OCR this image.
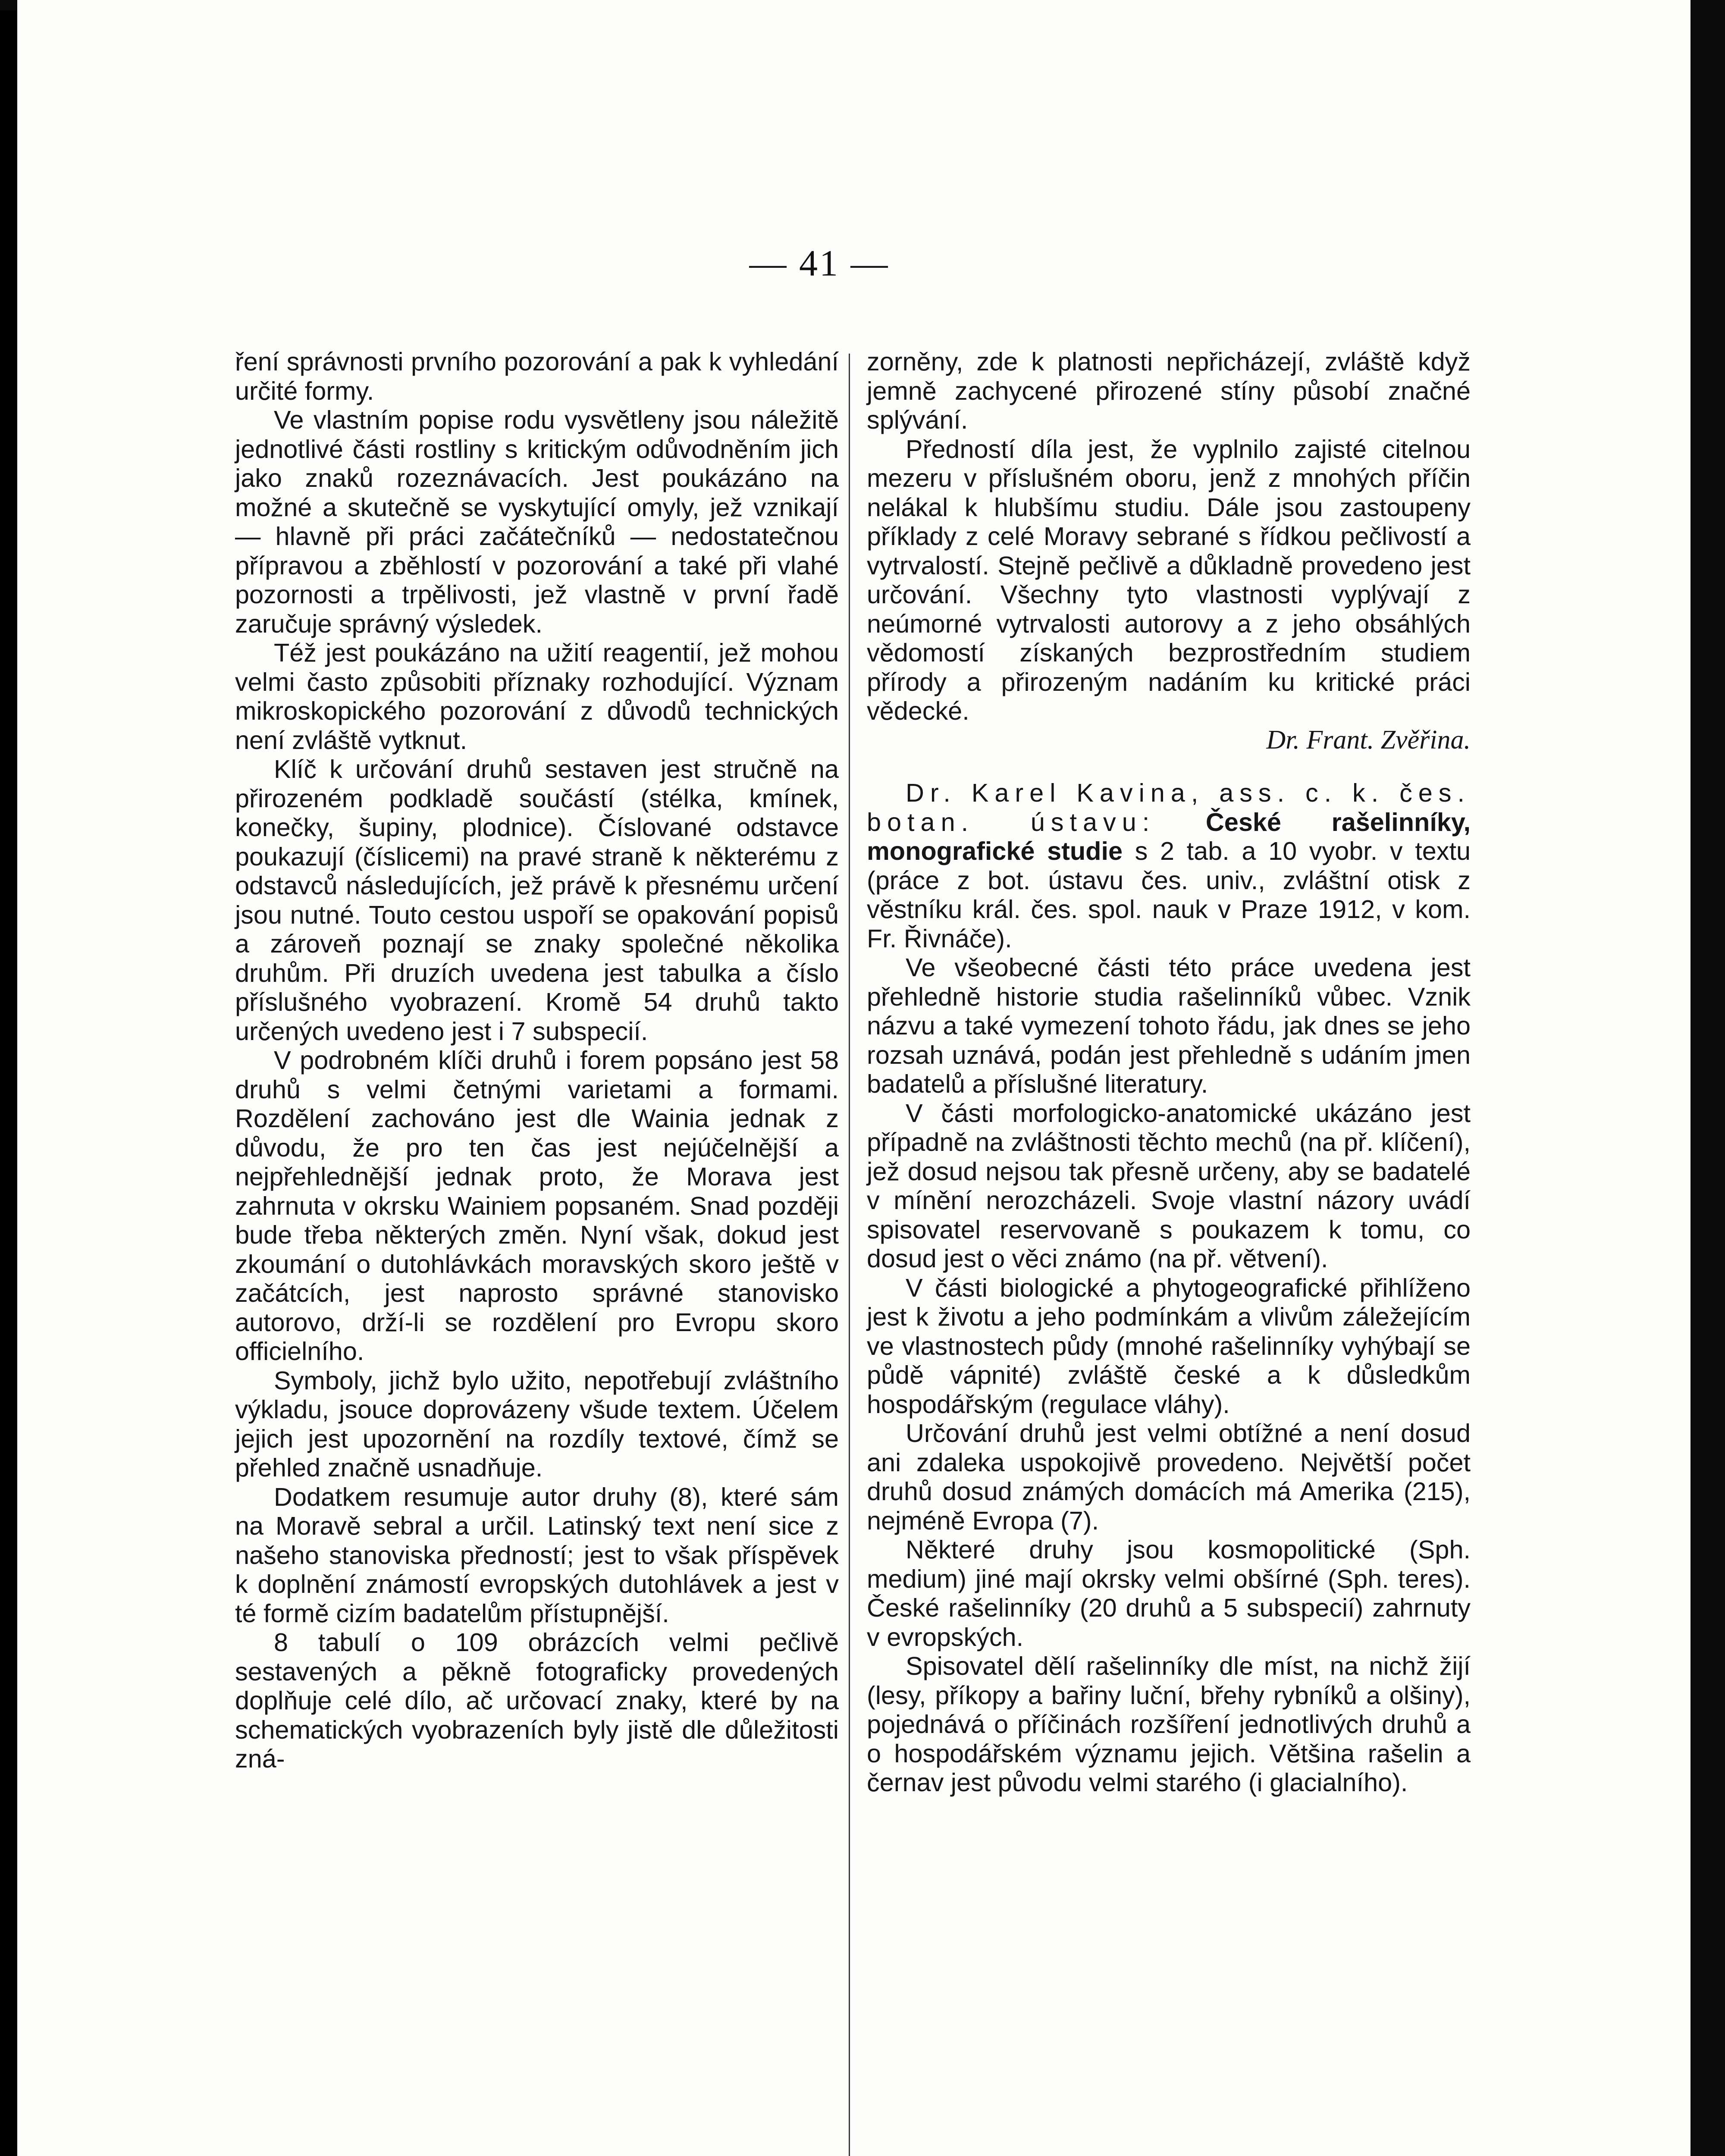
— 41 —

ření správnosti prvního pozorování a pak k vyhledání určité formy.

Ve vlastním popise rodu vysvětleny jsou náležitě jednotlivé části rostliny s kritickým odůvodněním jich jako znaků rozeznávacích. Jest poukázáno na možné a skutečně se vyskytující omyly, jež vznikají — hlavně při práci začátečníků — nedostatečnou přípravou a zběhlostí v pozorování a také při vlahé pozornosti a trpělivosti, jež vlastně v první řadě zaručuje správný výsledek.

Též jest poukázáno na užití reagentií, jež mohou velmi často způsobiti příznaky rozhodující. Význam mikroskopického pozorování z důvodů technických není zvláště vytknut.

Klíč k určování druhů sestaven jest stručně na přirozeném podkladě součástí (stélka, kmínek, konečky, šupiny, plodnice). Číslované odstavce poukazují (číslicemi) na pravé straně k některému z odstavců následujících, jež právě k přesnému určení jsou nutné. Touto cestou uspoří se opakování popisů a zároveň poznají se znaky společné několika druhům. Při druzích uvedena jest tabulka a číslo příslušného vyobrazení. Kromě 54 druhů takto určených uvedeno jest i 7 subspecií.

V podrobném klíči druhů i forem popsáno jest 58 druhů s velmi četnými varietami a formami. Rozdělení zachováno jest dle Wainia jednak z důvodu, že pro ten čas jest nejúčelnější a nejpřehlednější jednak proto, že Morava jest zahrnuta v okrsku Wainiem popsaném. Snad později bude třeba některých změn. Nyní však, dokud jest zkoumání o dutohlávkách moravských skoro ještě v začátcích, jest naprosto správné stanovisko autorovo, drží-li se rozdělení pro Evropu skoro officielního.

Symboly, jichž bylo užito, nepotřebují zvláštního výkladu, jsouce doprovázeny všude textem. Účelem jejich jest upozornění na rozdíly textové, čímž se přehled značně usnadňuje.

Dodatkem resumuje autor druhy (8), které sám na Moravě sebral a určil. Latinský text není sice z našeho stanoviska předností; jest to však příspěvek k doplnění známostí evropských dutohlávek a jest v té formě cizím badatelům přístupnější.

8 tabulí o 109 obrázcích velmi pečlivě sestavených a pěkně fotograficky provedených doplňuje celé dílo, ač určovací znaky, které by na schematických vyobrazeních byly jistě dle důležitosti zná-

zorněny, zde k platnosti nepřicházejí, zvláště když jemně zachycené přirozené stíny působí značné splývání.

Předností díla jest, že vyplnilo zajisté citelnou mezeru v příslušném oboru, jenž z mnohých příčin nelákal k hlubšímu studiu. Dále jsou zastoupeny příklady z celé Moravy sebrané s řídkou pečlivostí a vytrvalostí. Stejně pečlivě a důkladně provedeno jest určování. Všechny tyto vlastnosti vyplývají z neúmorné vytrvalosti autorovy a z jeho obsáhlých vědomostí získaných bezprostředním studiem přírody a přirozeným nadáním ku kritické práci vědecké.

Dr. Frant. Zvěřina.

Dr. Karel Kavina, ass. c. k. čes. botan. ústavu: České rašelinníky, monografické studie s 2 tab. a 10 vyobr. v textu (práce z bot. ústavu čes. univ., zvláštní otisk z věstníku král. čes. spol. nauk v Praze 1912, v kom. Fr. Řivnáče).

Ve všeobecné části této práce uvedena jest přehledně historie studia rašelinníků vůbec. Vznik názvu a také vymezení tohoto řádu, jak dnes se jeho rozsah uznává, podán jest přehledně s udáním jmen badatelů a příslušné literatury.

V části morfologicko-anatomické ukázáno jest případně na zvláštnosti těchto mechů (na př. klíčení), jež dosud nejsou tak přesně určeny, aby se badatelé v mínění nerozcházeli. Svoje vlastní názory uvádí spisovatel reservovaně s poukazem k tomu, co dosud jest o věci známo (na př. větvení).

V části biologické a phytogeografické přihlíženo jest k životu a jeho podmínkám a vlivům záležejícím ve vlastnostech půdy (mnohé rašelinníky vyhýbají se půdě vápnité) zvláště české a k důsledkům hospodářským (regulace vláhy).

Určování druhů jest velmi obtížné a není dosud ani zdaleka uspokojivě provedeno. Největší počet druhů dosud známých domácích má Amerika (215), nejméně Evropa (7).

Některé druhy jsou kosmopolitické (Sph. medium) jiné mají okrsky velmi obšírné (Sph. teres). České rašelinníky (20 druhů a 5 subspecií) zahrnuty v evropských.

Spisovatel dělí rašelinníky dle míst, na nichž žijí (lesy, příkopy a bařiny luční, břehy rybníků a olšiny), pojednává o příčinách rozšíření jednotlivých druhů a o hospodářském významu jejich. Většina rašelin a černav jest původu velmi starého (i glacialního).
